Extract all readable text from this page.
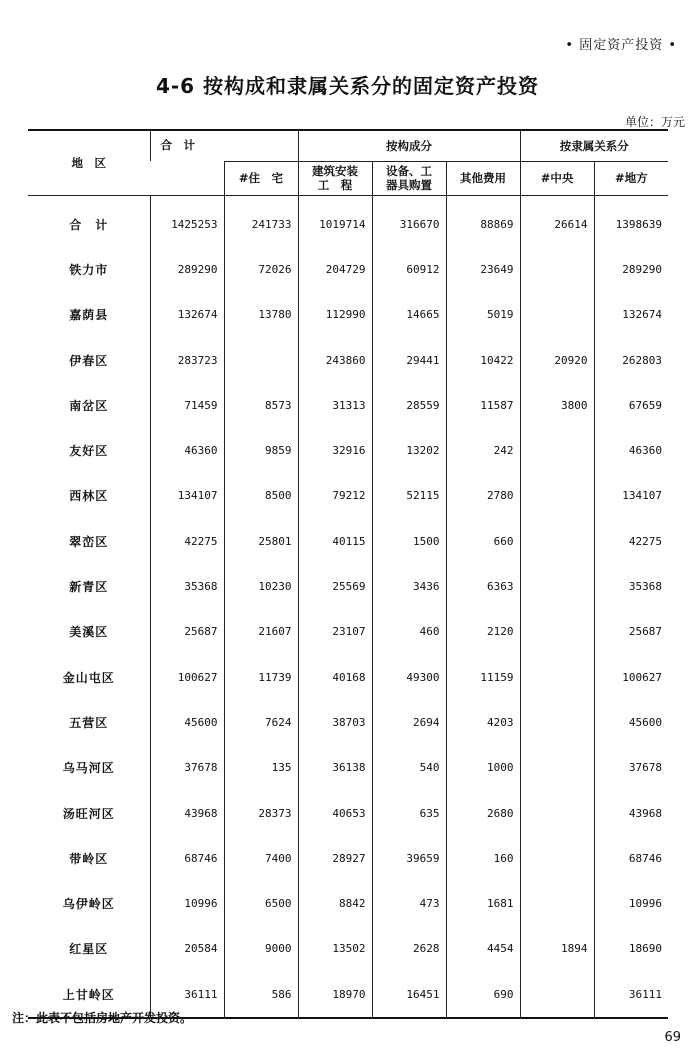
• 固定资产投资 •
4-6 按构成和隶属关系分的固定资产投资
单位：万元
地　区	合　计		按构成分			按隶属关系分	
		#住　宅	建筑安装工　程	设备、工器具购置	其他费用	#中央	#地方
合　计	1425253	241733	1019714	316670	88869	26614	1398639
铁力市	289290	72026	204729	60912	23649		289290
嘉荫县	132674	13780	112990	14665	5019		132674
伊春区	283723		243860	29441	10422	20920	262803
南岔区	71459	8573	31313	28559	11587	3800	67659
友好区	46360	9859	32916	13202	242		46360
西林区	134107	8500	79212	52115	2780		134107
翠峦区	42275	25801	40115	1500	660		42275
新青区	35368	10230	25569	3436	6363		35368
美溪区	25687	21607	23107	460	2120		25687
金山屯区	100627	11739	40168	49300	11159		100627
五营区	45600	7624	38703	2694	4203		45600
乌马河区	37678	135	36138	540	1000		37678
汤旺河区	43968	28373	40653	635	2680		43968
带岭区	68746	7400	28927	39659	160		68746
乌伊岭区	10996	6500	8842	473	1681		10996
红星区	20584	9000	13502	2628	4454	1894	18690
上甘岭区	36111	586	18970	16451	690		36111
注：此表不包括房地产开发投资。
69
